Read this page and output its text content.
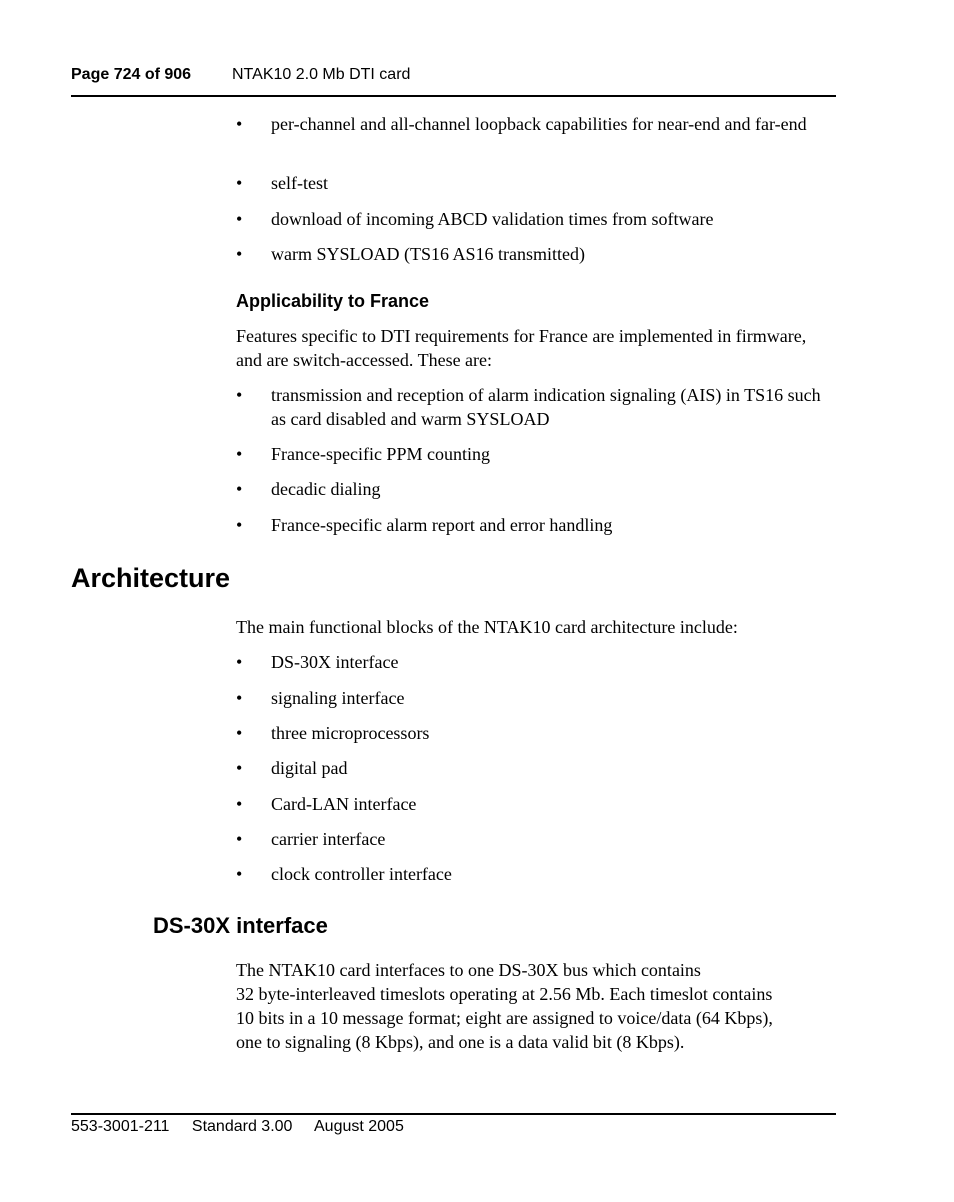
Page 724 of 906	NTAK10 2.0 Mb DTI card
• per-channel and all-channel loopback capabilities for near-end and far-end
• self-test
• download of incoming ABCD validation times from software
• warm SYSLOAD (TS16 AS16 transmitted)
Applicability to France
Features specific to DTI requirements for France are implemented in firmware, and are switch-accessed. These are:
• transmission and reception of alarm indication signaling (AIS) in TS16 such as card disabled and warm SYSLOAD
• France-specific PPM counting
• decadic dialing
• France-specific alarm report and error handling
Architecture
The main functional blocks of the NTAK10 card architecture include:
• DS-30X interface
• signaling interface
• three microprocessors
• digital pad
• Card-LAN interface
• carrier interface
• clock controller interface
DS-30X interface
The NTAK10 card interfaces to one DS-30X bus which contains
32 byte-interleaved timeslots operating at 2.56 Mb. Each timeslot contains
10 bits in a 10 message format; eight are assigned to voice/data (64 Kbps),
one to signaling (8 Kbps), and one is a data valid bit (8 Kbps).
553-3001-211 Standard 3.00 August 2005
